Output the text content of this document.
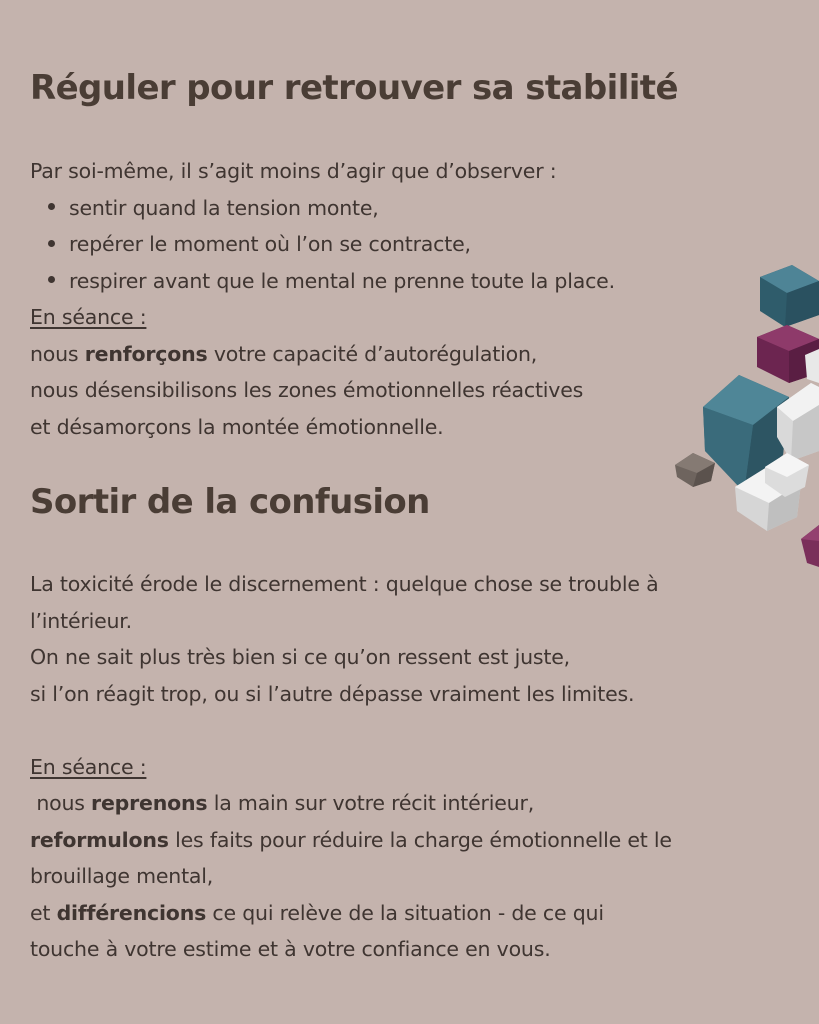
Réguler pour retrouver sa stabilité
Par soi-même, il s’agit moins d’agir que d’observer :
sentir quand la tension monte,
repérer le moment où l’on se contracte,
respirer avant que le mental ne prenne toute la place.
En séance :
nous renforçons votre capacité d’autorégulation,
nous désensibilisons les zones émotionnelles réactives
et désamorçons la montée émotionnelle.
Sortir de la confusion
La toxicité érode le discernement : quelque chose se trouble à
l’intérieur.
On ne sait plus très bien si ce qu’on ressent est juste,
si l’on réagit trop, ou si l’autre dépasse vraiment les limites.
En séance :
nous reprenons la main sur votre récit intérieur,
reformulons les faits pour réduire la charge émotionnelle et le
brouillage mental,
et différencions ce qui relève de la situation - de ce qui
touche à votre estime et à votre confiance en vous.
